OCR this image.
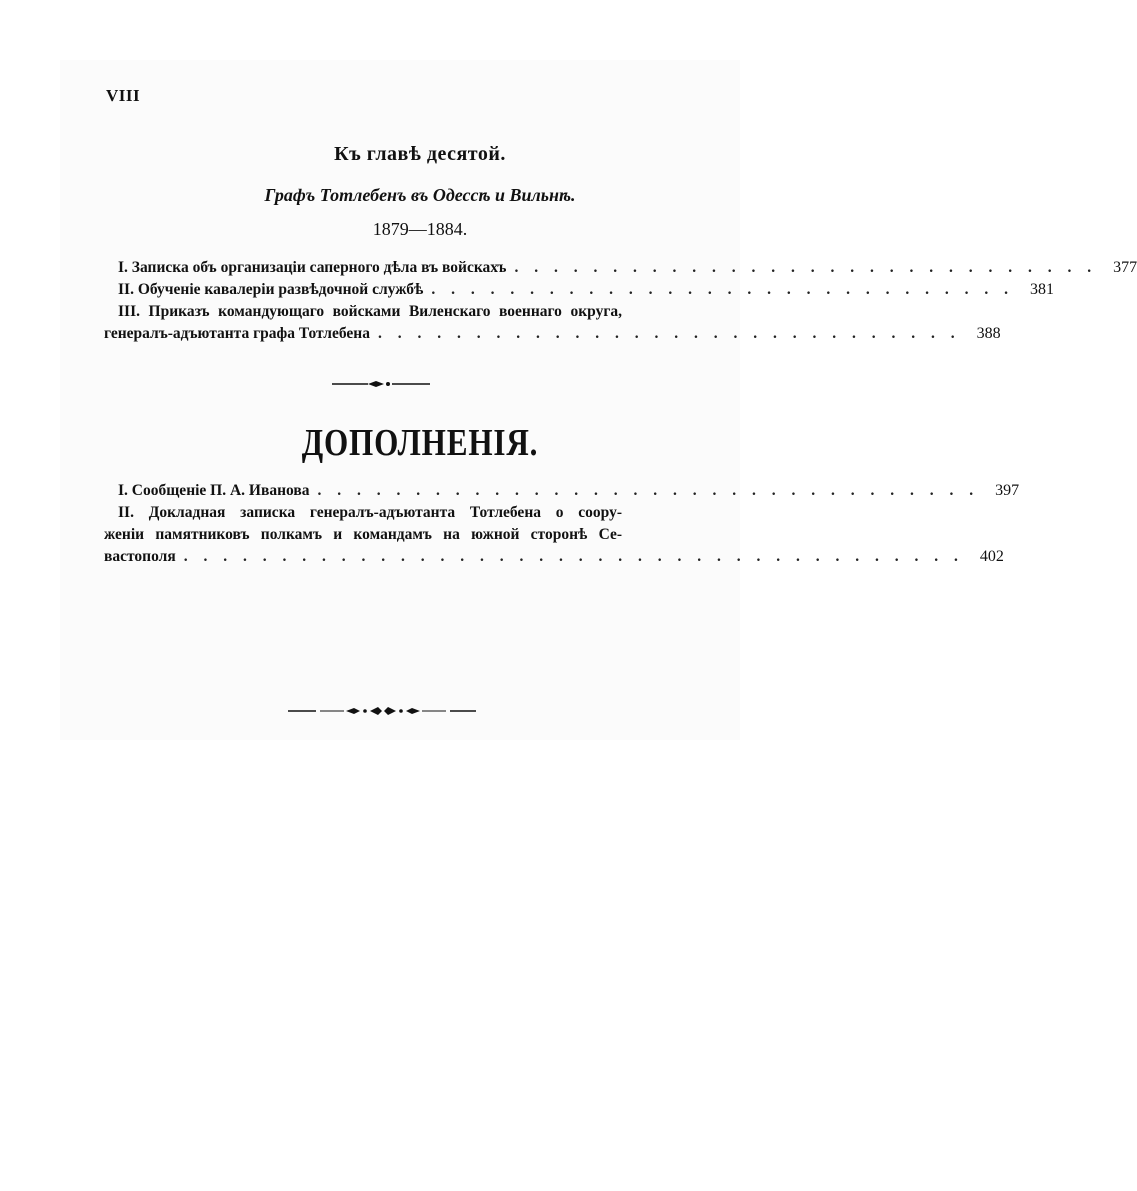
VIII
Къ главѣ десятой.
Графъ Тотлебенъ въ Одессѣ и Вильнѣ.
1879—1884.
I. Записка объ организаціи саперного дѣла въ войскахъ . . . . . . . . . . . . . . . . . . . . . . . . . . . . . .	377
II. Обученіе кавалеріи развѣдочной службѣ . . . . . . . . . . . . . . . . . . . . . . . . . . . . . .	381
III. Приказъ командующаго войсками Виленскаго военнаго округа,
генералъ-адъютанта графа Тотлебена . . . . . . . . . . . . . . . . . . . . . . . . . . . . . .	388
ДОПОЛНЕНІЯ.
I. Сообщеніе П. А. Иванова . . . . . . . . . . . . . . . . . . . . . . . . . . . . . . . . . .	397
II. Докладная записка генералъ-адъютанта Тотлебена о соору-
женіи памятниковъ полкамъ и командамъ на южной сторонѣ Се-
вастополя . . . . . . . . . . . . . . . . . . . . . . . . . . . . . . . . . . . . . . . .	402
